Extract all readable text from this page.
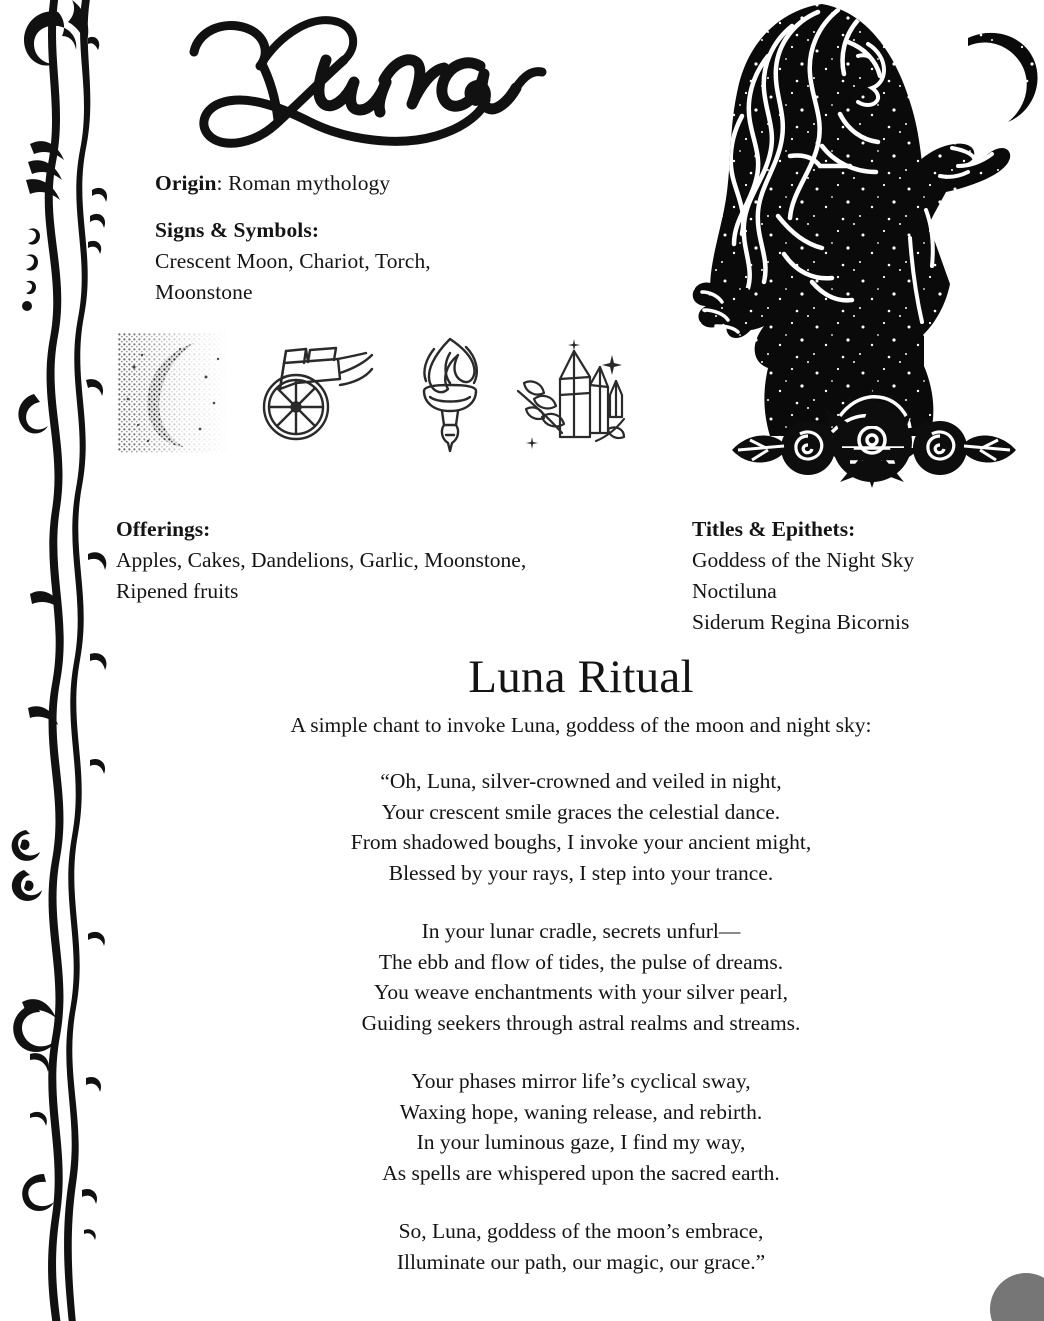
Origin: Roman mythology
Signs & Symbols:
Crescent Moon, Chariot, Torch,
Moonstone
Offerings:
Apples, Cakes, Dandelions, Garlic, Moonstone,
Ripened fruits
Titles & Epithets:
Goddess of the Night Sky
Noctiluna
Siderum Regina Bicornis
Luna Ritual
A simple chant to invoke Luna, goddess of the moon and night sky:

“Oh, Luna, silver-crowned and veiled in night,
Your crescent smile graces the celestial dance.
From shadowed boughs, I invoke your ancient might,
Blessed by your rays, I step into your trance.

In your lunar cradle, secrets unfurl—
The ebb and flow of tides, the pulse of dreams.
You weave enchantments with your silver pearl,
Guiding seekers through astral realms and streams.

Your phases mirror life’s cyclical sway,
Waxing hope, waning release, and rebirth.
In your luminous gaze, I find my way,
As spells are whispered upon the sacred earth.

So, Luna, goddess of the moon’s embrace,
Illuminate our path, our magic, our grace.”
